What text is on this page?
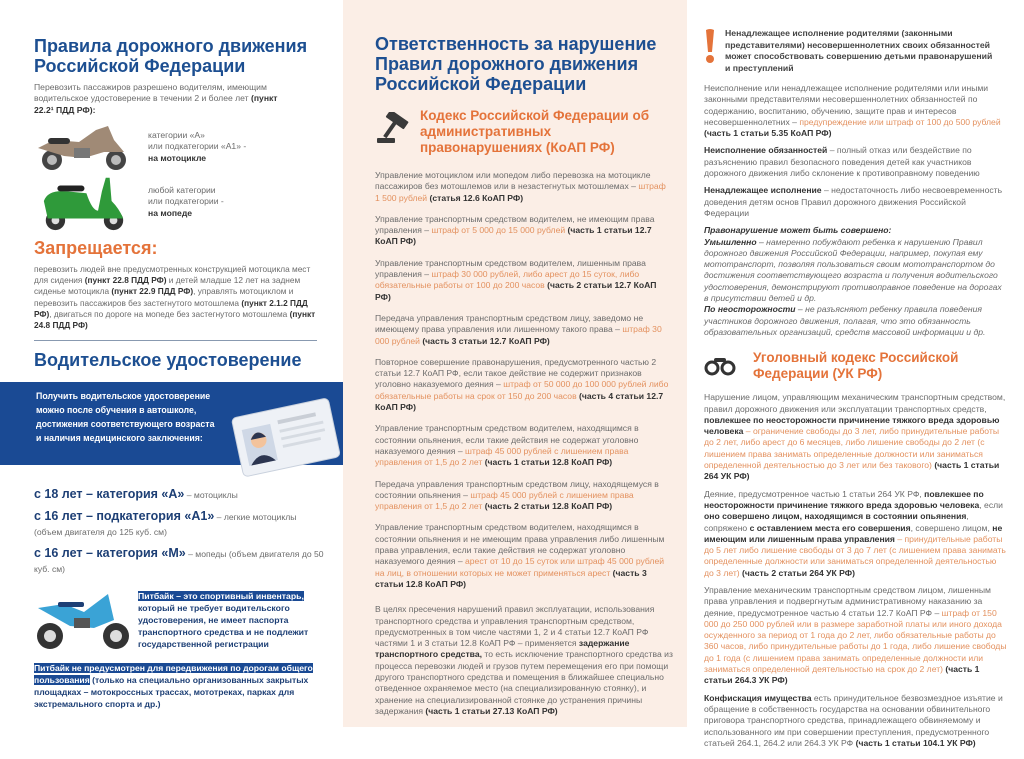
Правила дорожного движения Российской Федерации
Перевозить пассажиров разрешено водителям, имеющим водительское удостоверение в течении 2 и более лет (пункт 22.2¹ ПДД РФ):
категории «А»
или подкатегории «А1» -
на мотоцикле
любой категории
или подкатегории -
на мопеде
Запрещается:
перевозить людей вне предусмотренных конструкцией мотоцикла мест для сидения (пункт 22.8 ПДД РФ) и детей младше 12 лет на заднем сиденье мотоцикла (пункт 22.9 ПДД РФ), управлять мотоциклом и перевозить пассажиров без застегнутого мотошлема (пункт 2.1.2 ПДД РФ), двигаться по дороге на мопеде без застегнутого мотошлема (пункт 24.8 ПДД РФ)
Водительское удостоверение
Получить водительское удостоверение можно после обучения в автошколе, достижения соответствующего возраста и наличия медицинского заключения:
с 18 лет – категория «А» – мотоциклы
с 16 лет – подкатегория «А1» – легкие мотоциклы (объем двигателя до 125 куб. см)
с 16 лет – категория «М» – мопеды (объем двигателя до 50 куб. см)
Питбайк – это спортивный инвентарь, который не требует водительского удостоверения, не имеет паспорта транспортного средства и не подлежит государственной регистрации
Питбайк не предусмотрен для передвижения по дорогам общего пользования (только на специально организованных закрытых площадках – мотокроссных трассах, мототреках, парках для экстремального спорта и др.)
Ответственность за нарушение Правил дорожного движения Российской Федерации
Кодекс Российской Федерации об административных правонарушениях (КоАП РФ)
Управление мотоциклом или мопедом либо перевозка на мотоцикле пассажиров без мотошлемов или в незастегнутых мотошлемах – штраф 1 500 рублей (статья 12.6 КоАП РФ)
Управление транспортным средством водителем, не имеющим права управления – штраф от 5 000 до 15 000 рублей (часть 1 статьи 12.7 КоАП РФ)
Управление транспортным средством водителем, лишенным права управления – штраф 30 000 рублей, либо арест до 15 суток, либо обязательные работы от 100 до 200 часов (часть 2 статьи 12.7 КоАП РФ)
Передача управления транспортным средством лицу, заведомо не имеющему права управления или лишенному такого права – штраф 30 000 рублей (часть 3 статьи 12.7 КоАП РФ)
Повторное совершение правонарушения, предусмотренного частью 2 статьи 12.7 КоАП РФ, если такое действие не содержит признаков уголовно наказуемого деяния – штраф от 50 000 до 100 000 рублей либо обязательные работы на срок от 150 до 200 часов (часть 4 статьи 12.7 КоАП РФ)
Управление транспортным средством водителем, находящимся в состоянии опьянения, если такие действия не содержат уголовно наказуемого деяния – штраф 45 000 рублей с лишением права управления от 1,5 до 2 лет (часть 1 статьи 12.8 КоАП РФ)
Передача управления транспортным средством лицу, находящемуся в состоянии опьянения – штраф 45 000 рублей с лишением права управления от 1,5 до 2 лет (часть 2 статьи 12.8 КоАП РФ)
Управление транспортным средством водителем, находящимся в состоянии опьянения и не имеющим права управления либо лишенным права управления, если такие действия не содержат уголовно наказуемого деяния – арест от 10 до 15 суток или штраф 45 000 рублей на лиц, в отношении которых не может применяться арест (часть 3 статьи 12.8 КоАП РФ)
В целях пресечения нарушений правил эксплуатации, использования транспортного средства и управления транспортным средством, предусмотренных в том числе частями 1, 2 и 4 статьи 12.7 КоАП РФ частями 1 и 3 статьи 12.8 КоАП РФ – применяется задержание транспортного средства, то есть исключение транспортного средства из процесса перевозки людей и грузов путем перемещения его при помощи другого транспортного средства и помещения в ближайшее специально отведенное охраняемое место (на специализированную стоянку), и хранение на специализированной стоянке до устранения причины задержания (часть 1 статьи 27.13 КоАП РФ)
Ненадлежащее исполнение родителями (законными представителями) несовершеннолетних своих обязанностей может способствовать совершению детьми правонарушений и преступлений
Неисполнение или ненадлежащее исполнение родителями или иными законными представителями несовершеннолетних обязанностей по содержанию, воспитанию, обучению, защите прав и интересов несовершеннолетних – предупреждение или штраф от 100 до 500 рублей (часть 1 статьи 5.35 КоАП РФ)
Неисполнение обязанностей – полный отказ или бездействие по разъяснению правил безопасного поведения детей как участников дорожного движения либо склонение к противоправному поведению
Ненадлежащее исполнение – недостаточность либо несвоевременность доведения детям основ Правил дорожного движения Российской Федерации
Правонарушение может быть совершено:
Умышленно – намеренно побуждают ребенка к нарушению Правил дорожного движения Российской Федерации, например, покупая ему мототранспорт, позволяя пользоваться своим мототранспортом до достижения соответствующего возраста и получения водительского удостоверения, демонстрируют противоправное поведение на дорогах в присутствии детей и др.
По неосторожности – не разъясняют ребенку правила поведения участников дорожного движения, полагая, что это обязанность образовательных организаций, средств массовой информации и др.
Уголовный кодекс Российской Федерации (УК РФ)
Нарушение лицом, управляющим механическим транспортным средством, правил дорожного движения или эксплуатации транспортных средств, повлекшее по неосторожности причинение тяжкого вреда здоровью человека – ограничение свободы до 3 лет, либо принудительные работы до 2 лет, либо арест до 6 месяцев, либо лишение свободы до 2 лет (с лишением права занимать определенные должности или заниматься определенной деятельностью до 3 лет или без такового) (часть 1 статьи 264 УК РФ)
Деяние, предусмотренное частью 1 статьи 264 УК РФ, повлекшее по неосторожности причинение тяжкого вреда здоровью человека, если оно совершено лицом, находящимся в состоянии опьянения, сопряжено с оставлением места его совершения, совершено лицом, не имеющим или лишенным права управления – принудительные работы до 5 лет либо лишение свободы от 3 до 7 лет (с лишением права занимать определенные должности или заниматься определенной деятельностью до 3 лет) (часть 2 статьи 264 УК РФ)
Управление механическим транспортным средством лицом, лишенным права управления и подвергнутым административному наказанию за деяние, предусмотренное частью 4 статьи 12.7 КоАП РФ – штраф от 150 000 до 250 000 рублей или в размере заработной платы или иного дохода осужденного за период от 1 года до 2 лет, либо обязательные работы до 360 часов, либо принудительные работы до 1 года, либо лишение свободы до 1 года (с лишением права занимать определенные должности или заниматься определенной деятельностью на срок до 2 лет) (часть 1 статьи 264.3 УК РФ)
Конфискация имущества есть принудительное безвозмездное изъятие и обращение в собственность государства на основании обвинительного приговора транспортного средства, принадлежащего обвиняемому и использованного им при совершении преступления, предусмотренного статьей 264.1, 264.2 или 264.3 УК РФ (часть 1 статьи 104.1 УК РФ)
